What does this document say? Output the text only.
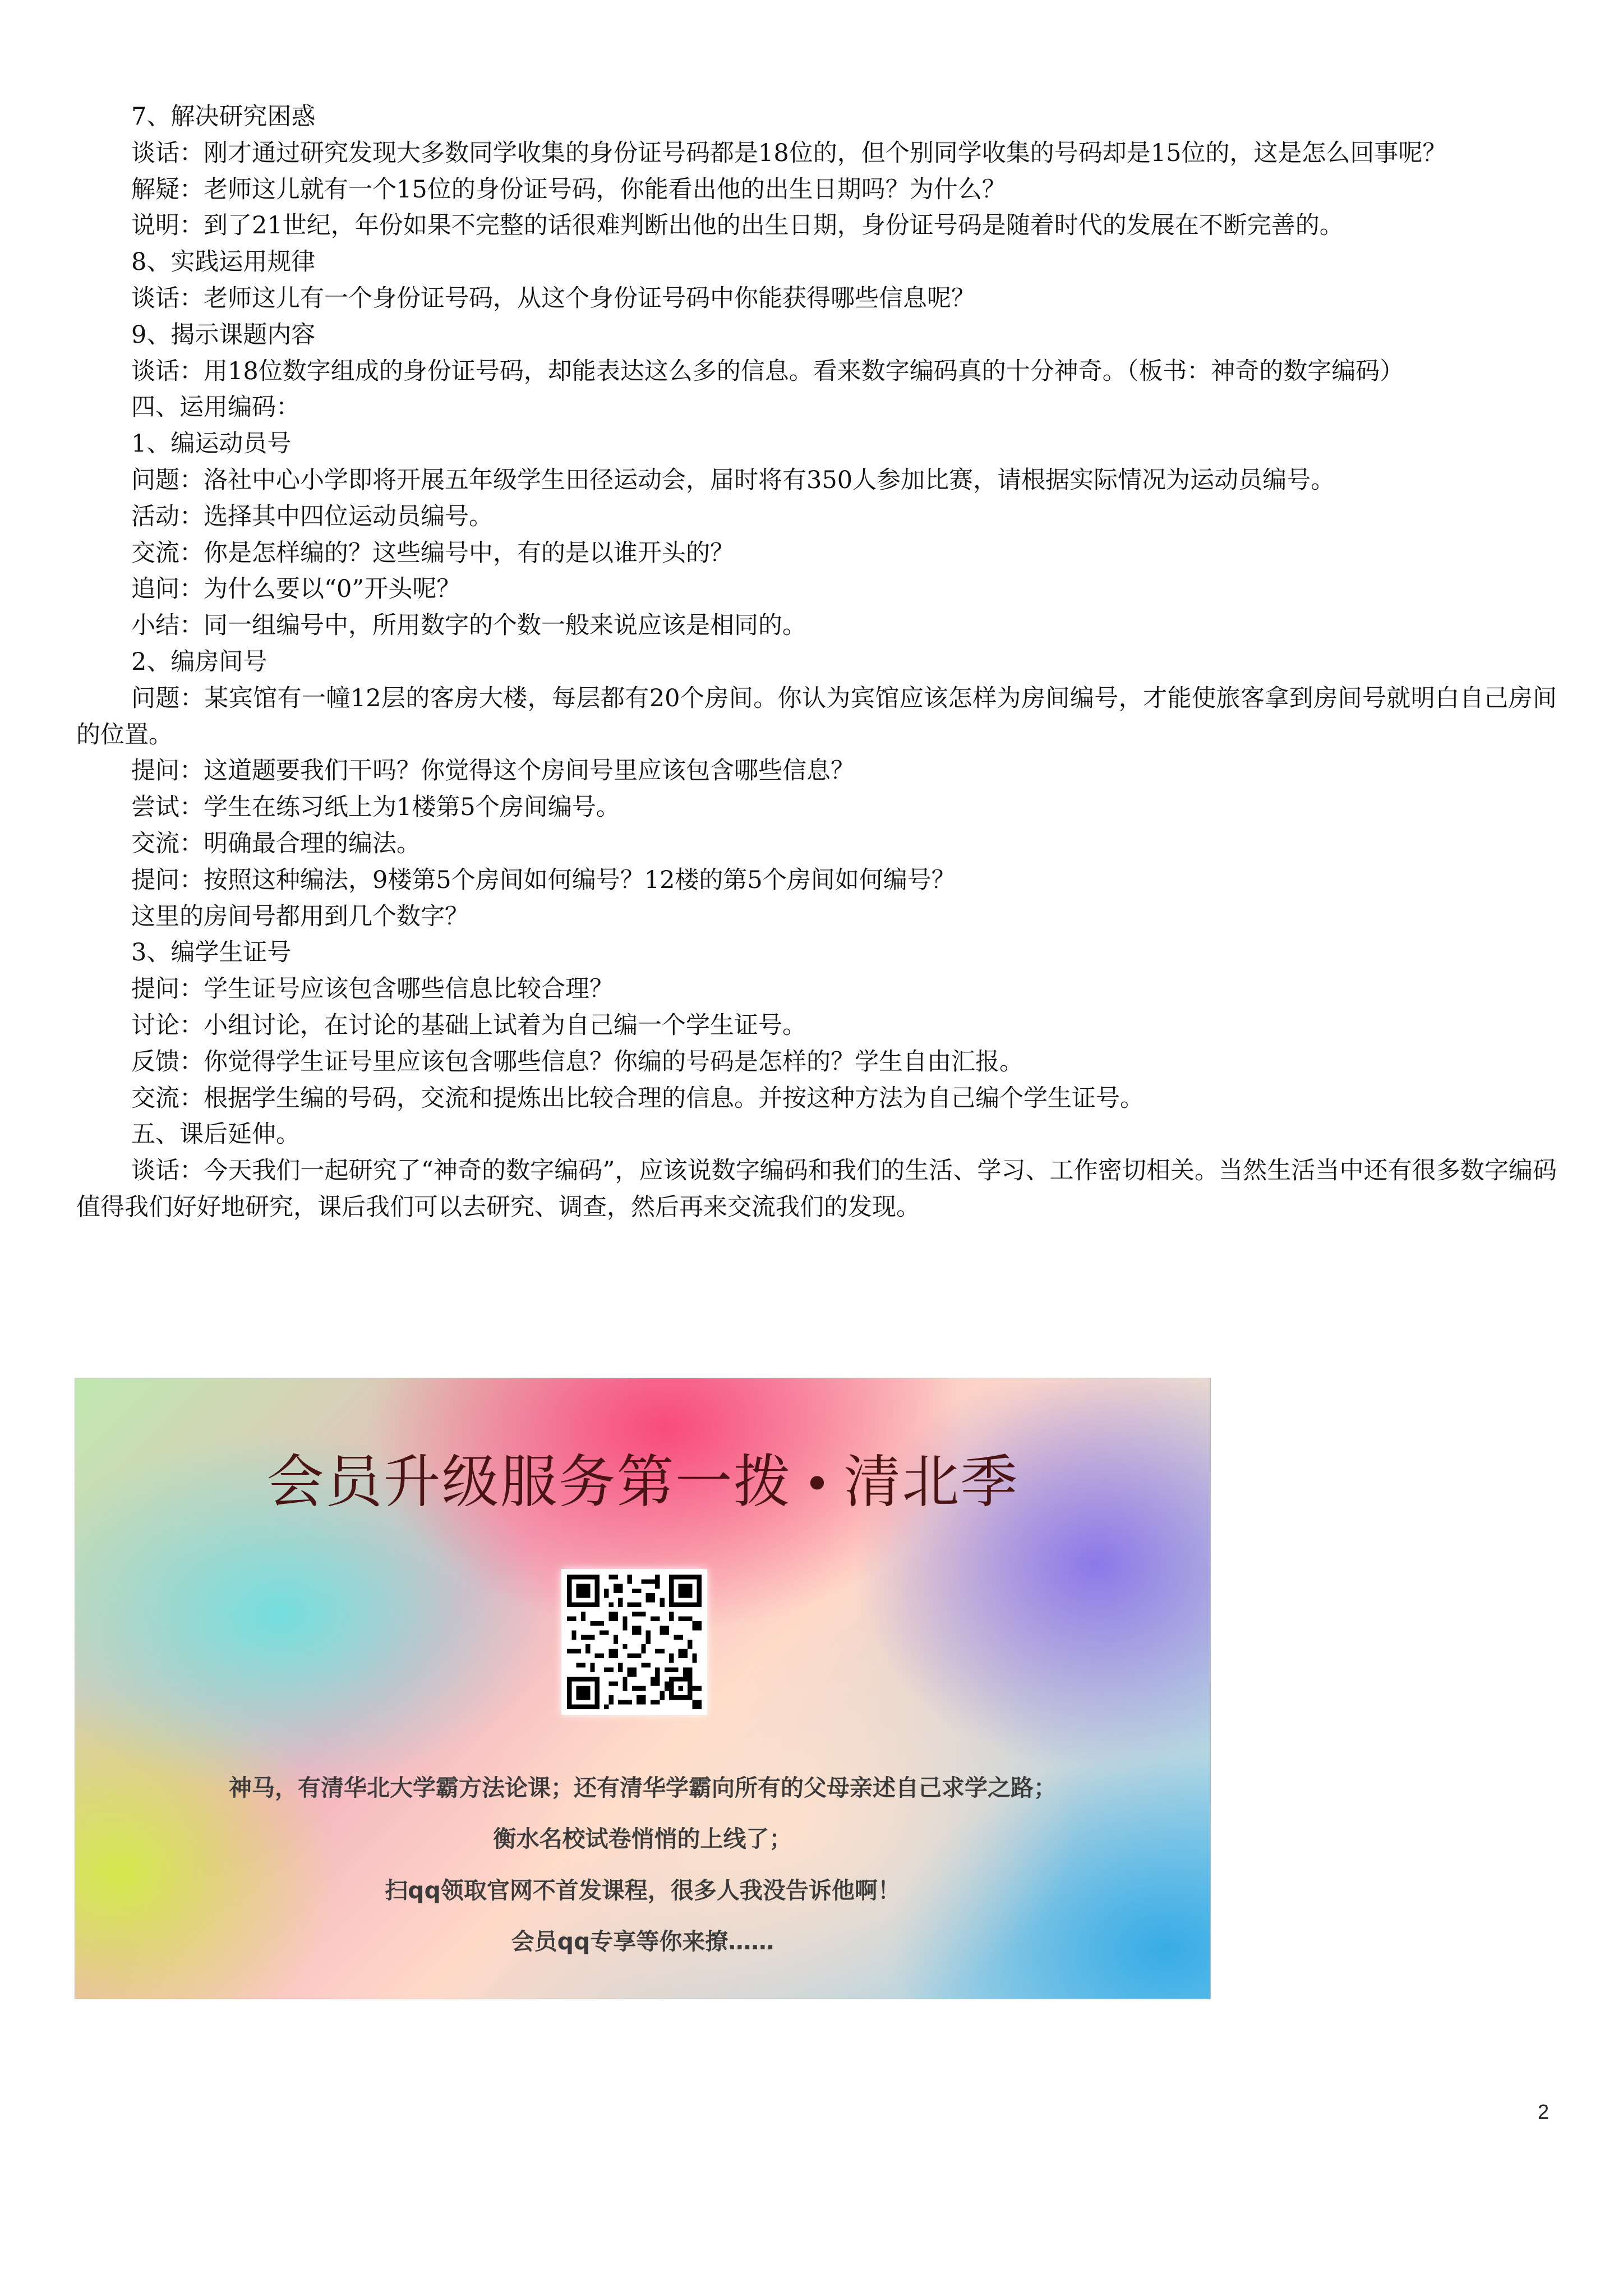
7、解决研究困惑

谈话：刚才通过研究发现大多数同学收集的身份证号码都是18位的，但个别同学收集的号码却是15位的，这是怎么回事呢？

解疑：老师这儿就有一个15位的身份证号码，你能看出他的出生日期吗？为什么？

说明：到了21世纪，年份如果不完整的话很难判断出他的出生日期，身份证号码是随着时代的发展在不断完善的。

8、实践运用规律

谈话：老师这儿有一个身份证号码，从这个身份证号码中你能获得哪些信息呢？

9、揭示课题内容

谈话：用18位数字组成的身份证号码，却能表达这么多的信息。看来数字编码真的十分神奇。（板书：神奇的数字编码）

四、运用编码：

1、编运动员号

问题：洛社中心小学即将开展五年级学生田径运动会，届时将有350人参加比赛，请根据实际情况为运动员编号。

活动：选择其中四位运动员编号。

交流：你是怎样编的？这些编号中，有的是以谁开头的？

追问：为什么要以“0”开头呢？

小结：同一组编号中，所用数字的个数一般来说应该是相同的。

2、编房间号

问题：某宾馆有一幢12层的客房大楼，每层都有20个房间。你认为宾馆应该怎样为房间编号，才能使旅客拿到房间号就明白自己房间的位置。

提问：这道题要我们干吗？你觉得这个房间号里应该包含哪些信息？

尝试：学生在练习纸上为1楼第5个房间编号。

交流：明确最合理的编法。

提问：按照这种编法，9楼第5个房间如何编号？12楼的第5个房间如何编号？

这里的房间号都用到几个数字？

3、编学生证号

提问：学生证号应该包含哪些信息比较合理？

讨论：小组讨论，在讨论的基础上试着为自己编一个学生证号。

反馈：你觉得学生证号里应该包含哪些信息？你编的号码是怎样的？学生自由汇报。

交流：根据学生编的号码，交流和提炼出比较合理的信息。并按这种方法为自己编个学生证号。

五、课后延伸。

谈话：今天我们一起研究了“神奇的数字编码”，应该说数字编码和我们的生活、学习、工作密切相关。当然生活当中还有很多数字编码值得我们好好地研究，课后我们可以去研究、调查，然后再来交流我们的发现。

会员升级服务第一拨 • 清北季
神马，有清华北大学霸方法论课；还有清华学霸向所有的父母亲述自己求学之路；
衡水名校试卷悄悄的上线了；
扫qq领取官网不首发课程，很多人我没告诉他啊！
会员qq专享等你来撩……
2
